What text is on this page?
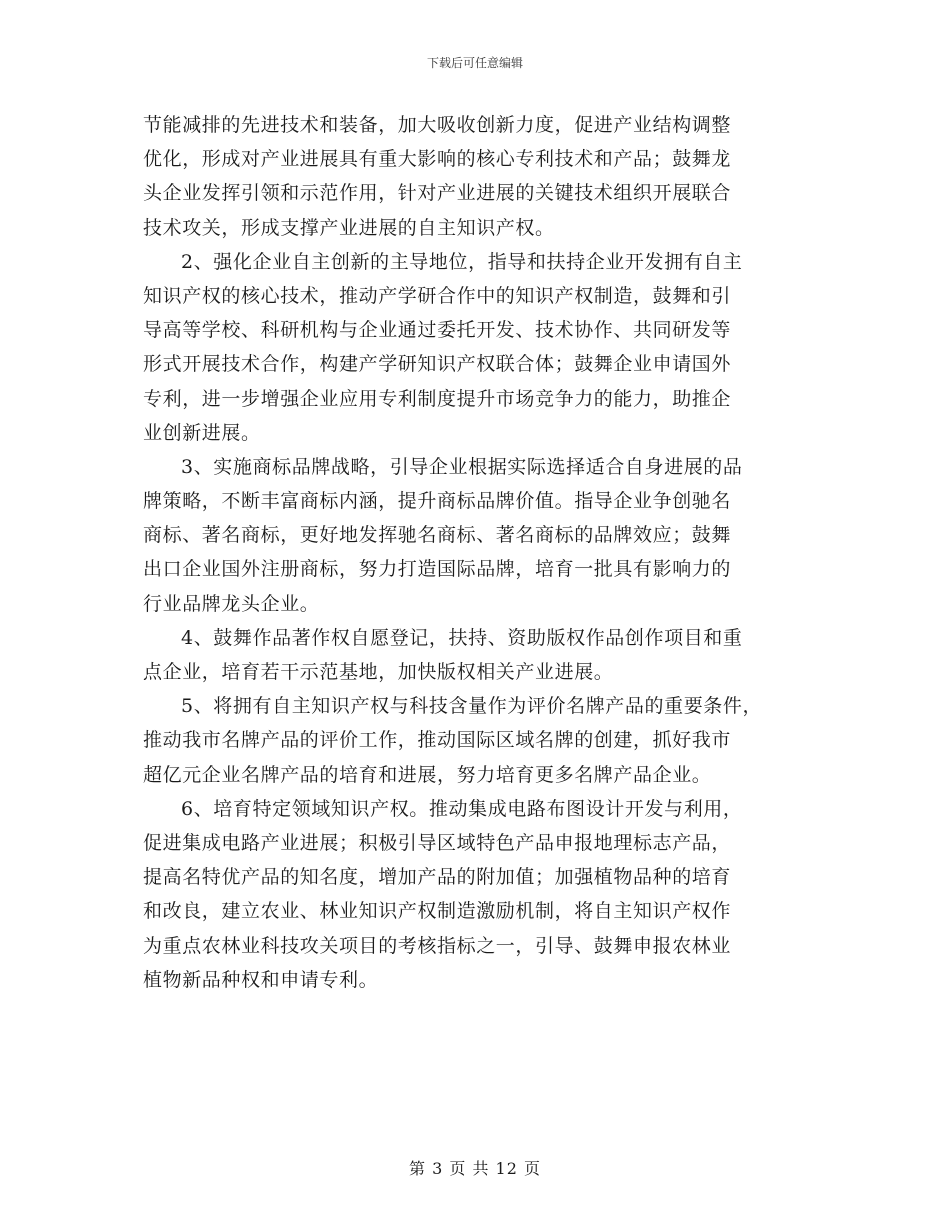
下载后可任意编辑
节能减排的先进技术和装备，加大吸收创新力度，促进产业结构调整
优化，形成对产业进展具有重大影响的核心专利技术和产品；鼓舞龙
头企业发挥引领和示范作用，针对产业进展的关键技术组织开展联合
技术攻关，形成支撑产业进展的自主知识产权。
2、强化企业自主创新的主导地位，指导和扶持企业开发拥有自主
知识产权的核心技术，推动产学研合作中的知识产权制造，鼓舞和引
导高等学校、科研机构与企业通过委托开发、技术协作、共同研发等
形式开展技术合作，构建产学研知识产权联合体；鼓舞企业申请国外
专利，进一步增强企业应用专利制度提升市场竞争力的能力，助推企
业创新进展。
3、实施商标品牌战略，引导企业根据实际选择适合自身进展的品
牌策略，不断丰富商标内涵，提升商标品牌价值。指导企业争创驰名
商标、著名商标，更好地发挥驰名商标、著名商标的品牌效应；鼓舞
出口企业国外注册商标，努力打造国际品牌，培育一批具有影响力的
行业品牌龙头企业。
4、鼓舞作品著作权自愿登记，扶持、资助版权作品创作项目和重
点企业，培育若干示范基地，加快版权相关产业进展。
5、将拥有自主知识产权与科技含量作为评价名牌产品的重要条件，
推动我市名牌产品的评价工作，推动国际区域名牌的创建，抓好我市
超亿元企业名牌产品的培育和进展，努力培育更多名牌产品企业。
6、培育特定领域知识产权。推动集成电路布图设计开发与利用，
促进集成电路产业进展；积极引导区域特色产品申报地理标志产品，
提高名特优产品的知名度，增加产品的附加值；加强植物品种的培育
和改良，建立农业、林业知识产权制造激励机制，将自主知识产权作
为重点农林业科技攻关项目的考核指标之一，引导、鼓舞申报农林业
植物新品种权和申请专利。
第 3 页 共 12 页
